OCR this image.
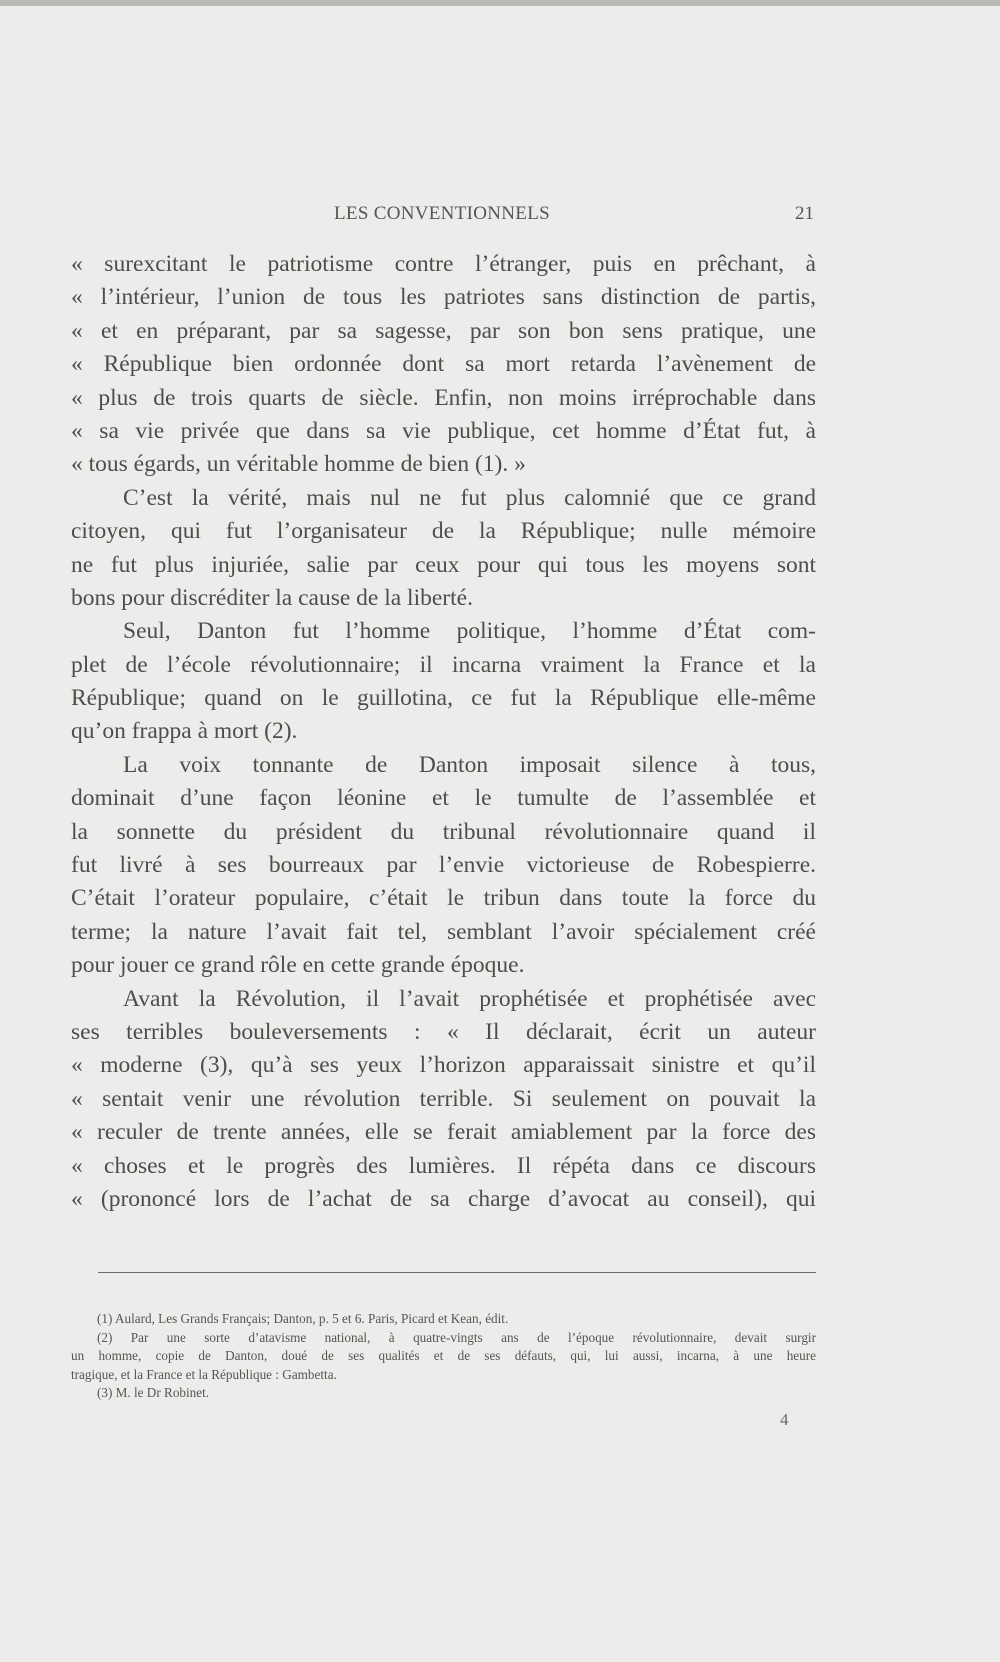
LES CONVENTIONNELS	21
« surexcitant le patriotisme contre l’étranger, puis en prêchant, à
« l’intérieur, l’union de tous les patriotes sans distinction de partis,
« et en préparant, par sa sagesse, par son bon sens pratique, une
« République bien ordonnée dont sa mort retarda l’avènement de
« plus de trois quarts de siècle. Enfin, non moins irréprochable dans
« sa vie privée que dans sa vie publique, cet homme d’État fut, à
« tous égards, un véritable homme de bien (1). »
C’est la vérité, mais nul ne fut plus calomnié que ce grand
citoyen, qui fut l’organisateur de la République; nulle mémoire
ne fut plus injuriée, salie par ceux pour qui tous les moyens sont
bons pour discréditer la cause de la liberté.
Seul, Danton fut l’homme politique, l’homme d’État com-
plet de l’école révolutionnaire; il incarna vraiment la France et la
République; quand on le guillotina, ce fut la République elle-même
qu’on frappa à mort (2).
La voix tonnante de Danton imposait silence à tous,
dominait d’une façon léonine et le tumulte de l’assemblée et
la sonnette du président du tribunal révolutionnaire quand il
fut livré à ses bourreaux par l’envie victorieuse de Robespierre.
C’était l’orateur populaire, c’était le tribun dans toute la force du
terme; la nature l’avait fait tel, semblant l’avoir spécialement créé
pour jouer ce grand rôle en cette grande époque.
Avant la Révolution, il l’avait prophétisée et prophétisée avec
ses terribles bouleversements : « Il déclarait, écrit un auteur
« moderne (3), qu’à ses yeux l’horizon apparaissait sinistre et qu’il
« sentait venir une révolution terrible. Si seulement on pouvait la
« reculer de trente années, elle se ferait amiablement par la force des
« choses et le progrès des lumières. Il répéta dans ce discours
« (prononcé lors de l’achat de sa charge d’avocat au conseil), qui
(1) Aulard, Les Grands Français; Danton, p. 5 et 6. Paris, Picard et Kean, édit.
(2) Par une sorte d’atavisme national, à quatre-vingts ans de l’époque révolutionnaire, devait surgir
un homme, copie de Danton, doué de ses qualités et de ses défauts, qui, lui aussi, incarna, à une heure
tragique, et la France et la République : Gambetta.
(3) M. le Dr Robinet.
4
